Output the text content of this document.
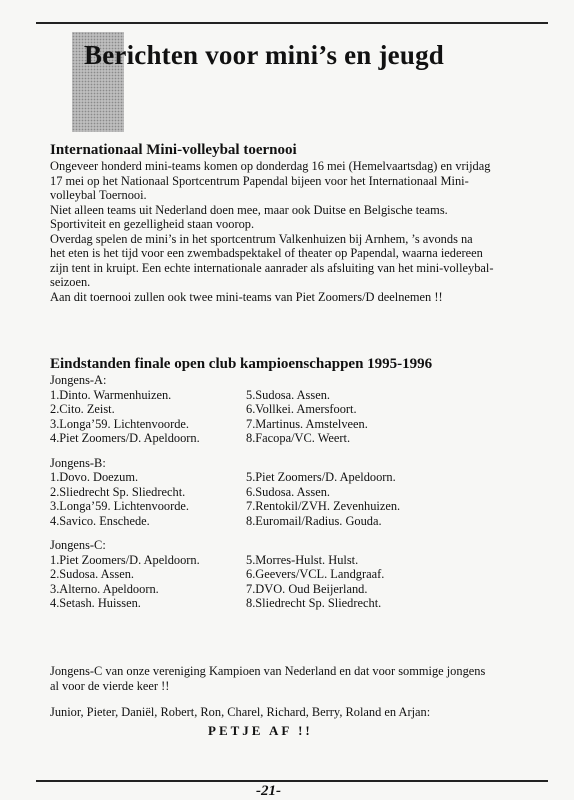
Berichten voor mini’s en jeugd
Internationaal Mini-volleybal toernooi
Ongeveer honderd mini-teams komen op donderdag 16 mei (Hemelvaartsdag) en vrijdag
17 mei op het Nationaal Sportcentrum Papendal bijeen voor het Internationaal Mini-
volleybal Toernooi.
Niet alleen teams uit Nederland doen mee, maar ook Duitse en Belgische teams.
Sportiviteit en gezelligheid staan voorop.
Overdag spelen de mini’s in het sportcentrum Valkenhuizen bij Arnhem, ’s avonds na
het eten is het tijd voor een zwembadspektakel of theater op Papendal, waarna iedereen
zijn tent in kruipt. Een echte internationale aanrader als afsluiting van het mini-volleybal-
seizoen.
Aan dit toernooi zullen ook twee mini-teams van Piet Zoomers/D deelnemen !!
Eindstanden finale open club kampioenschappen 1995-1996
Jongens-A:
1.Dinto. Warmenhuizen.
2.Cito. Zeist.
3.Longa’59. Lichtenvoorde.
4.Piet Zoomers/D. Apeldoorn.
5.Sudosa. Assen.
6.Vollkei. Amersfoort.
7.Martinus. Amstelveen.
8.Facopa/VC. Weert.
Jongens-B:
1.Dovo. Doezum.
2.Sliedrecht Sp. Sliedrecht.
3.Longa’59. Lichtenvoorde.
4.Savico. Enschede.
5.Piet Zoomers/D. Apeldoorn.
6.Sudosa. Assen.
7.Rentokil/ZVH. Zevenhuizen.
8.Euromail/Radius. Gouda.
Jongens-C:
1.Piet Zoomers/D. Apeldoorn.
2.Sudosa. Assen.
3.Alterno. Apeldoorn.
4.Setash. Huissen.
5.Morres-Hulst. Hulst.
6.Geevers/VCL. Landgraaf.
7.DVO. Oud Beijerland.
8.Sliedrecht Sp. Sliedrecht.
Jongens-C van onze vereniging Kampioen van Nederland en dat voor sommige jongens
al voor de vierde keer !!
Junior, Pieter, Daniël, Robert, Ron, Charel, Richard, Berry, Roland en Arjan:
PETJE AF !!
-21-
